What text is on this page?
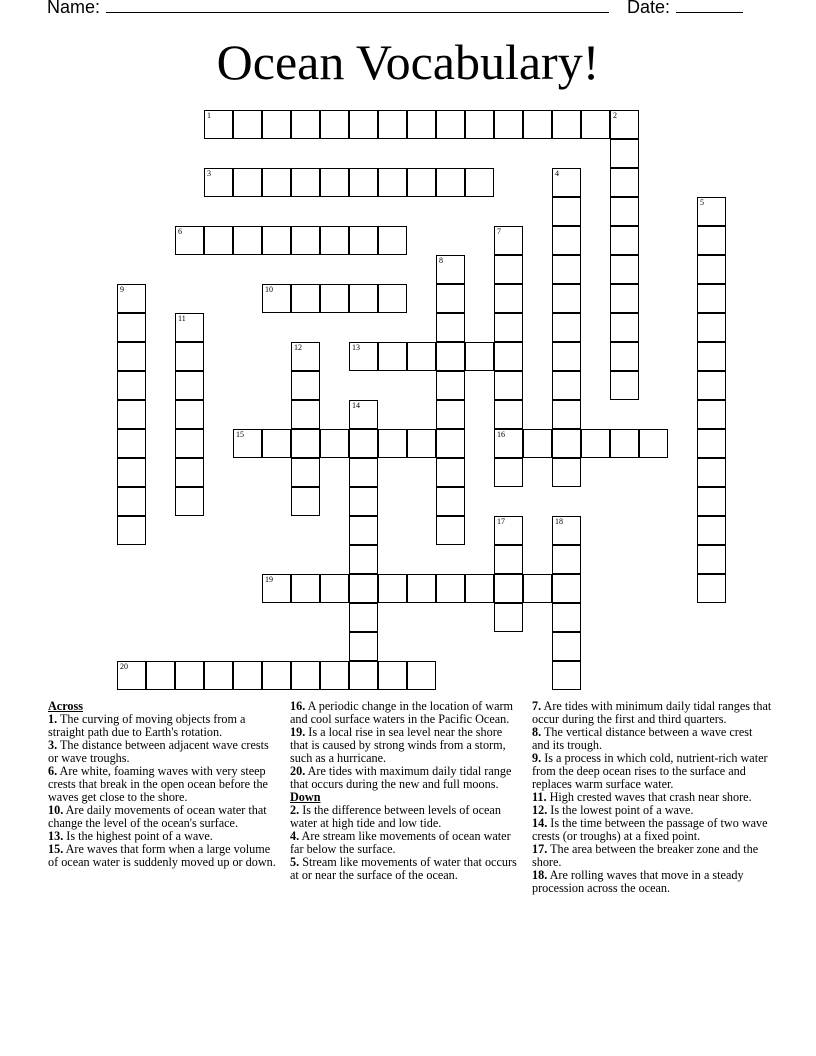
Name:	Date:
Ocean Vocabulary!
1	2
3	4
5
6	7
16
8
9	10
11
12	13
14
15
17	18
19
20

Across

1. The curving of moving objects from a straight path due to Earth's rotation.

3. The distance between adjacent wave crests or wave troughs.

6. Are white, foaming waves with very steep crests that break in the open ocean before the waves get close to the shore.

10. Are daily movements of ocean water that change the level of the ocean's surface.

13. Is the highest point of a wave.

15. Are waves that form when a large volume of ocean water is suddenly moved up or down.

16. A periodic change in the location of warm and cool surface waters in the Pacific Ocean.

19. Is a local rise in sea level near the shore that is caused by strong winds from a storm, such as a hurricane.

20. Are tides with maximum daily tidal range that occurs during the new and full moons.

Down

2. Is the difference between levels of ocean water at high tide and low tide.

4. Are stream like movements of ocean water far below the surface.

5. Stream like movements of water that occurs at or near the surface of the ocean.

7. Are tides with minimum daily tidal ranges that occur during the first and third quarters.

8. The vertical distance between a wave crest and its trough.

9. Is a process in which cold, nutrient-rich water from the deep ocean rises to the surface and replaces warm surface water.

11. High crested waves that crash near shore.

12. Is the lowest point of a wave.

14. Is the time between the passage of two wave crests (or troughs) at a fixed point.

17. The area between the breaker zone and the shore.

18. Are rolling waves that move in a steady procession across the ocean.
